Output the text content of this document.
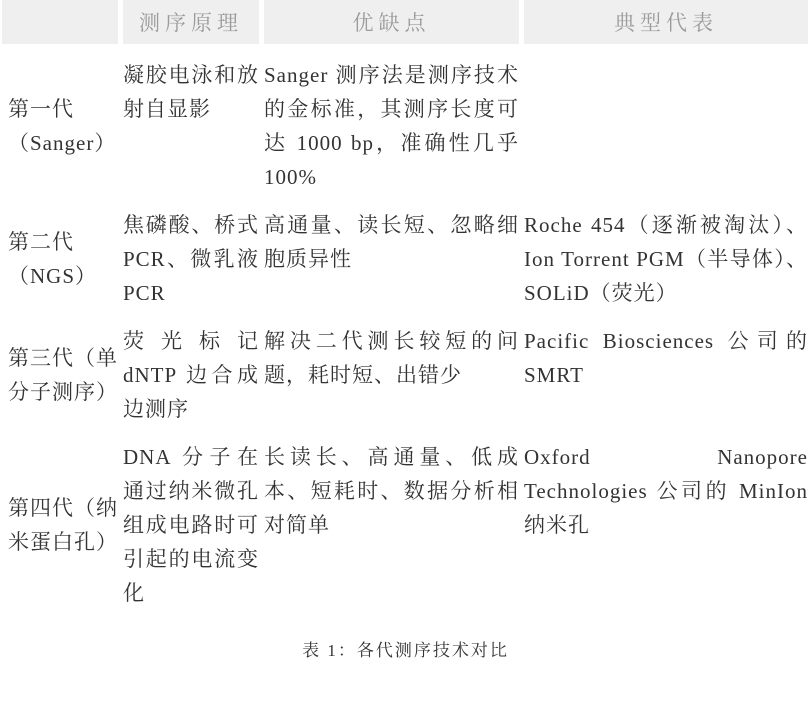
	测序原理	优缺点	典型代表
第一代（Sanger）	凝胶电泳和放射自显影	Sanger 测序法是测序技术的金标准，其测序长度可达 1000 bp，准确性几乎 100%	
第二代（NGS）	焦磷酸、桥式 PCR、微乳液 PCR	高通量、读长短、忽略细胞质异性	Roche 454（逐渐被淘汰）、Ion Torrent PGM（半导体）、SOLiD（荧光）
第三代（单分子测序）	荧光标记 dNTP 边合成边测序	解决二代测长较短的问题，耗时短、出错少	Pacific Biosciences 公司的 SMRT
第四代（纳米蛋白孔）	DNA 分子在通过纳米微孔组成电路时可引起的电流变化	长读长、高通量、低成本、短耗时、数据分析相对简单	Oxford Nanopore Technologies 公司的 MinIon 纳米孔
表 1：各代测序技术对比
